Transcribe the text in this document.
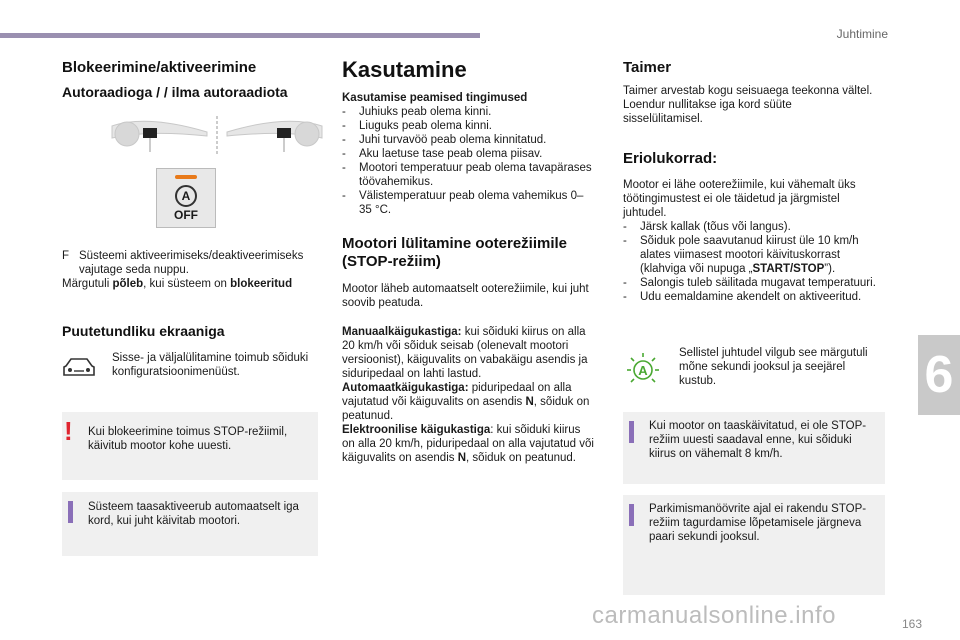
Juhtimine
Blokeerimine/aktiveerimine
Autoraadioga / / ilma autoraadiota
A
OFF
F Süsteemi aktiveerimiseks/deaktiveerimiseks vajutage seda nuppu.
Märgutuli põleb, kui süsteem on blokeeritud
Puutetundliku ekraaniga
Sisse- ja väljalülitamine toimub sõiduki konfiguratsioonimenüüst.
! Kui blokeerimine toimus STOP-režiimil, käivitub mootor kohe uuesti.
Süsteem taasaktiveerub automaatselt iga kord, kui juht käivitab mootori.
Kasutamine
Kasutamise peamised tingimused
- Juhiuks peab olema kinni.
- Liuguks peab olema kinni.
- Juhi turvavöö peab olema kinnitatud.
- Aku laetuse tase peab olema piisav.
- Mootori temperatuur peab olema tavapärases töövahemikus.
- Välistemperatuur peab olema vahemikus 0–35 °C.
Mootori lülitamine ooterežiimile (STOP-režiim)
Mootor läheb automaatselt ooterežiimile, kui juht soovib peatuda.
Manuaalkäigukastiga: kui sõiduki kiirus on alla 20 km/h või sõiduk seisab (olenevalt mootori versioonist), käiguvalits on vabakäigu asendis ja siduripedaal on lahti lastud.
Automaatkäigukastiga: piduripedaal on alla vajutatud või käiguvalits on asendis N, sõiduk on peatunud.
Elektroonilise käigukastiga: kui sõiduki kiirus on alla 20 km/h, piduripedaal on alla vajutatud või käiguvalits on asendis N, sõiduk on peatunud.
Taimer
Taimer arvestab kogu seisuaega teekonna vältel. Loendur nullitakse iga kord süüte sisselülitamisel.
Eriolukorrad:
Mootor ei lähe ooterežiimile, kui vähemalt üks töötingimustest ei ole täidetud ja järgmistel juhtudel.
- Järsk kallak (tõus või langus).
- Sõiduk pole saavutanud kiirust üle 10 km/h alates viimasest mootori käivituskorrast (klahviga või nupuga „START/STOP”).
- Salongis tuleb säilitada mugavat temperatuuri.
- Udu eemaldamine akendelt on aktiveeritud.
A
Sellistel juhtudel vilgub see märgutuli mõne sekundi jooksul ja seejärel kustub.
Kui mootor on taaskäivitatud, ei ole STOP-režiim uuesti saadaval enne, kui sõiduki kiirus on vähemalt 8 km/h.
Parkimismanöövrite ajal ei rakendu STOP-režiim tagurdamise lõpetamisele järgneva paari sekundi jooksul.
6
carmanualsonline.info	163
